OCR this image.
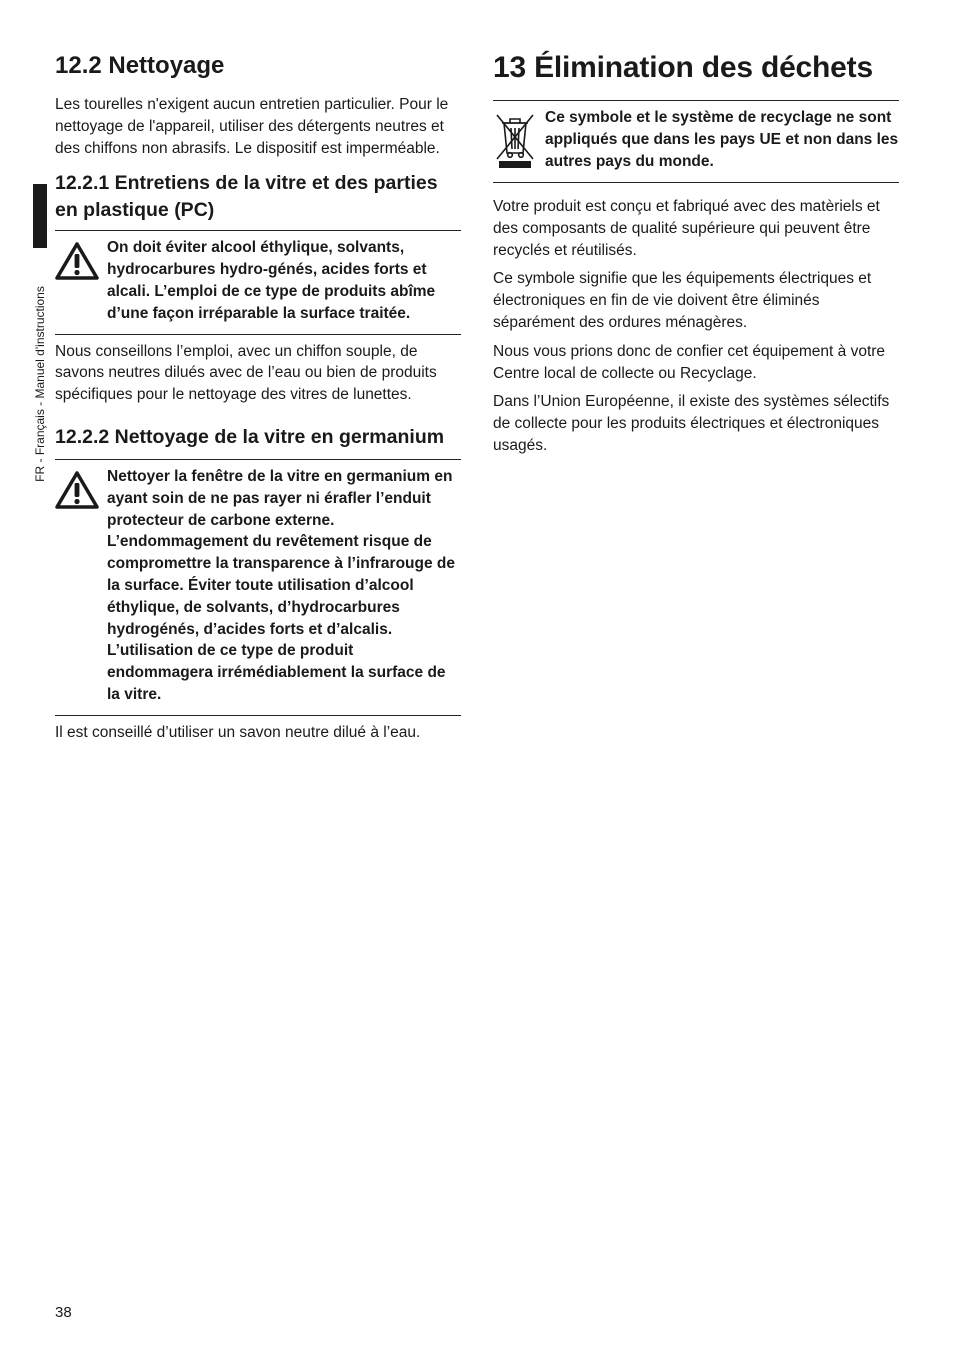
FR - Français - Manuel d'instructions
12.2 Nettoyage

Les tourelles n'exigent aucun entretien particulier. Pour le nettoyage de l'appareil, utiliser des détergents neutres et des chiffons non abrasifs. Le dispositif est imperméable.

12.2.1 Entretiens de la vitre et des parties en plastique (PC)
On doit éviter alcool éthylique, solvants, hydrocarbures hydro-génés, acides forts et alcali. L’emploi de ce type de produits abîme d’une façon irréparable la surface traitée.

Nous conseillons l’emploi, avec un chiffon souple, de savons neutres dilués avec de l’eau ou bien de produits spécifiques pour le nettoyage des vitres de lunettes.

12.2.2 Nettoyage de la vitre en germanium
Nettoyer la fenêtre de la vitre en germanium en ayant soin de ne pas rayer ni érafler l’enduit protecteur de carbone externe. L’endommagement du revêtement risque de compromettre la transparence à l’infrarouge de la surface. Éviter toute utilisation d’alcool éthylique, de solvants, d’hydrocarbures hydrogénés, d’acides forts et d’alcalis. L’utilisation de ce type de produit endommagera irrémédiablement la surface de la vitre.

Il est conseillé d’utiliser un savon neutre dilué à l’eau.

13 Élimination des déchets
Ce symbole et le système de recyclage ne sont appliqués que dans les pays UE et non dans les autres pays du monde.

Votre produit est conçu et fabriqué avec des matèriels et des composants de qualité supérieure qui peuvent être recyclés et réutilisés.

Ce symbole signifie que les équipements électriques et électroniques en fin de vie doivent être éliminés séparément des ordures ménagères.

Nous vous prions donc de confier cet équipement à votre Centre local de collecte ou Recyclage.

Dans l’Union Européenne, il existe des systèmes sélectifs de collecte pour les produits électriques et électroniques usagés.

38
